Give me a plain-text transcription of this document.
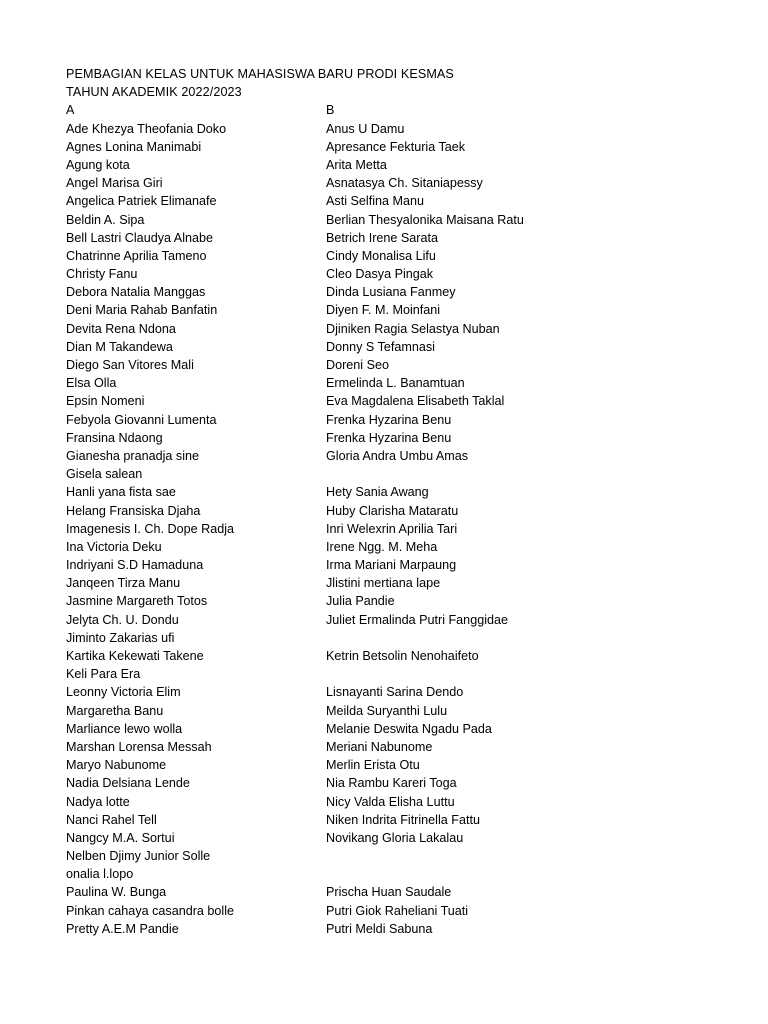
PEMBAGIAN KELAS UNTUK MAHASISWA BARU PRODI KESMAS
TAHUN AKADEMIK 2022/2023
A	B
Ade Khezya Theofania Doko	Anus U Damu
Agnes Lonina Manimabi	Apresance Fekturia Taek
Agung kota	Arita Metta
Angel Marisa Giri	Asnatasya Ch. Sitaniapessy
Angelica Patriek Elimanafe	Asti Selfina Manu
Beldin A. Sipa	Berlian Thesyalonika Maisana Ratu
Bell Lastri Claudya Alnabe	Betrich Irene Sarata
Chatrinne Aprilia Tameno	Cindy Monalisa Lifu
Christy Fanu	Cleo Dasya Pingak
Debora Natalia Manggas	Dinda Lusiana Fanmey
Deni Maria Rahab Banfatin	Diyen F. M. Moinfani
Devita Rena Ndona	Djiniken Ragia Selastya Nuban
Dian M Takandewa	Donny S Tefamnasi
Diego San Vitores Mali	Doreni Seo
Elsa Olla	Ermelinda L. Banamtuan
Epsin Nomeni	Eva Magdalena Elisabeth Taklal
Febyola Giovanni Lumenta	Frenka Hyzarina Benu
Fransina Ndaong	Frenka Hyzarina Benu
Gianesha pranadja sine	Gloria Andra Umbu Amas
Gisela salean
Hanli yana fista sae	Hety Sania Awang
Helang Fransiska Djaha	Huby Clarisha Mataratu
Imagenesis I. Ch. Dope Radja	Inri Welexrin Aprilia Tari
Ina Victoria Deku	Irene Ngg. M. Meha
Indriyani S.D Hamaduna	Irma Mariani Marpaung
Janqeen Tirza Manu	Jlistini mertiana lape
Jasmine Margareth Totos	Julia Pandie
Jelyta Ch. U. Dondu	Juliet Ermalinda Putri Fanggidae
Jiminto Zakarias ufi
Kartika Kekewati Takene	Ketrin Betsolin Nenohaifeto
Keli Para Era
Leonny Victoria Elim	Lisnayanti Sarina Dendo
Margaretha Banu	Meilda Suryanthi Lulu
Marliance lewo wolla	Melanie Deswita Ngadu Pada
Marshan Lorensa Messah	Meriani Nabunome
Maryo Nabunome	Merlin Erista Otu
Nadia Delsiana Lende	Nia Rambu Kareri Toga
Nadya lotte	Nicy Valda Elisha Luttu
Nanci Rahel Tell	Niken Indrita Fitrinella Fattu
Nangcy M.A. Sortui	Novikang Gloria Lakalau
Nelben Djimy Junior Solle
onalia l.lopo
Paulina W. Bunga	Prischa Huan Saudale
Pinkan cahaya casandra bolle	Putri Giok Raheliani Tuati
Pretty A.E.M Pandie	Putri Meldi Sabuna
